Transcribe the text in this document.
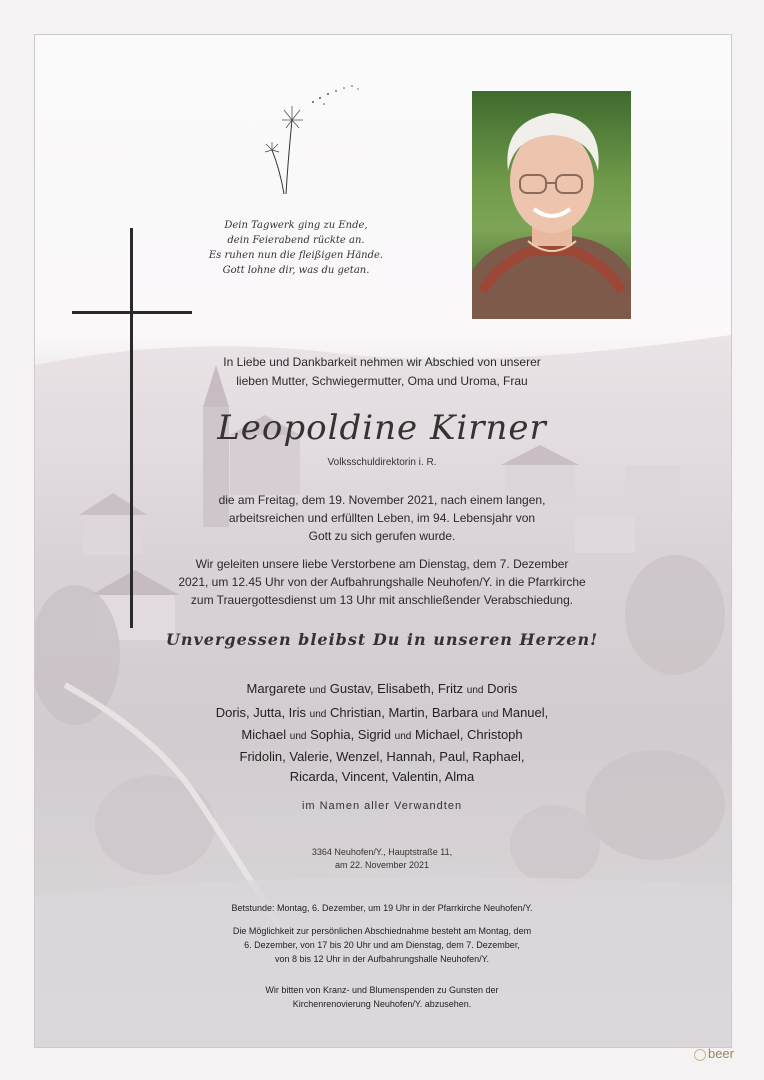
Dein Tagwerk ging zu Ende,
dein Feierabend rückte an.
Es ruhen nun die fleißigen Hände.
Gott lohne dir, was du getan.
In Liebe und Dankbarkeit nehmen wir Abschied von unserer
lieben Mutter, Schwiegermutter, Oma und Uroma, Frau
Leopoldine Kirner
Volksschuldirektorin i. R.
die am Freitag, dem 19. November 2021, nach einem langen,
arbeitsreichen und erfüllten Leben, im 94. Lebensjahr von
Gott zu sich gerufen wurde.
Wir geleiten unsere liebe Verstorbene am Dienstag, dem 7. Dezember
2021, um 12.45 Uhr von der Aufbahrungshalle Neuhofen/Y. in die Pfarrkirche
zum Trauergottesdienst um 13 Uhr mit anschließender Verabschiedung.
Unvergessen bleibst Du in unseren Herzen!
Margarete und Gustav, Elisabeth, Fritz und Doris
Doris, Jutta, Iris und Christian, Martin, Barbara und Manuel,
Michael und Sophia, Sigrid und Michael, Christoph
Fridolin, Valerie, Wenzel, Hannah, Paul, Raphael,
Ricarda, Vincent, Valentin, Alma
im Namen aller Verwandten
3364 Neuhofen/Y., Hauptstraße 11,
am 22. November 2021
Betstunde: Montag, 6. Dezember, um 19 Uhr in der Pfarrkirche Neuhofen/Y.
Die Möglichkeit zur persönlichen Abschiednahme besteht am Montag, dem
6. Dezember, von 17 bis 20 Uhr und am Dienstag, dem 7. Dezember,
von 8 bis 12 Uhr in der Aufbahrungshalle Neuhofen/Y.
Wir bitten von Kranz- und Blumenspenden zu Gunsten der
Kirchenrenovierung Neuhofen/Y. abzusehen.
beer
